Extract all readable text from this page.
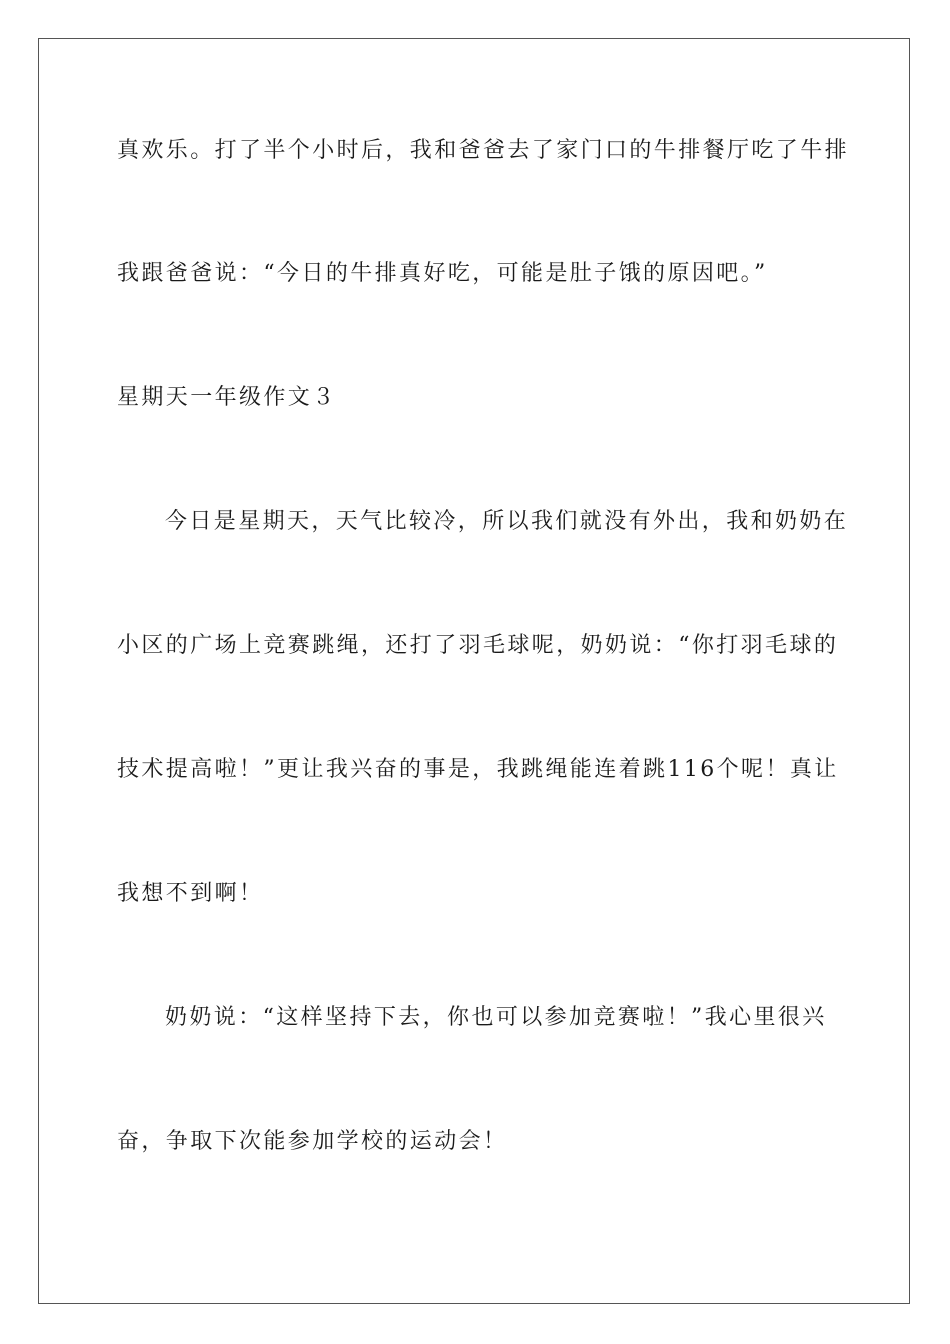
真欢乐。打了半个小时后，我和爸爸去了家门口的牛排餐厅吃了牛排
我跟爸爸说：“今日的牛排真好吃，可能是肚子饿的原因吧。”
星期天一年级作文３
今日是星期天，天气比较冷，所以我们就没有外出，我和奶奶在
小区的广场上竞赛跳绳，还打了羽毛球呢，奶奶说：“你打羽毛球的
技术提高啦！”更让我兴奋的事是，我跳绳能连着跳116个呢！真让
我想不到啊！
奶奶说：“这样坚持下去，你也可以参加竞赛啦！”我心里很兴
奋，争取下次能参加学校的运动会！
